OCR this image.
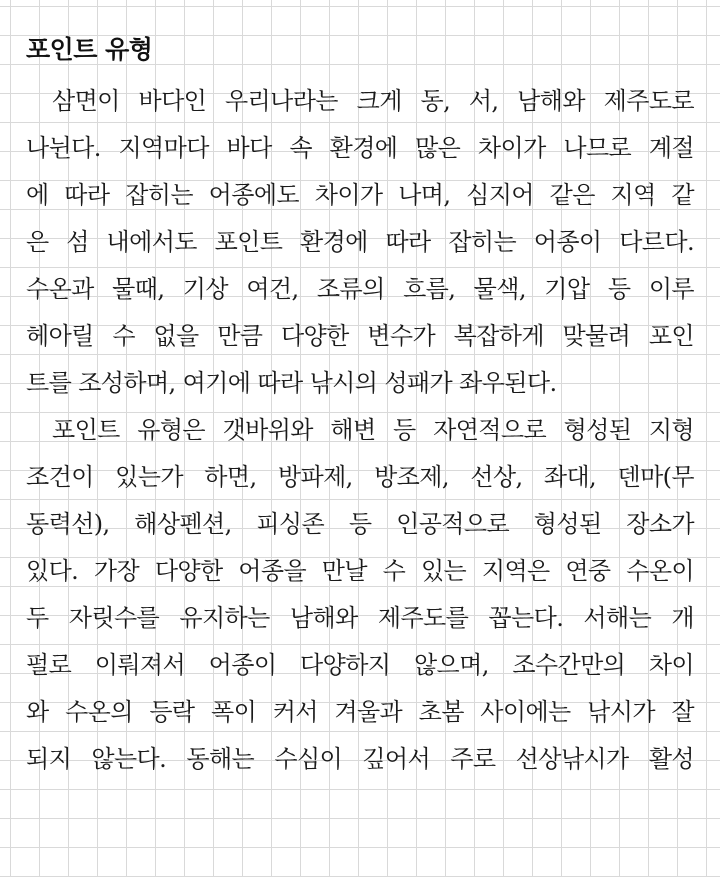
포인트 유형
삼면이 바다인 우리나라는 크게 동, 서, 남해와 제주도로
나뉜다. 지역마다 바다 속 환경에 많은 차이가 나므로 계절
에 따라 잡히는 어종에도 차이가 나며, 심지어 같은 지역 같
은 섬 내에서도 포인트 환경에 따라 잡히는 어종이 다르다.
수온과 물때, 기상 여건, 조류의 흐름, 물색, 기압 등 이루
헤아릴 수 없을 만큼 다양한 변수가 복잡하게 맞물려 포인
트를 조성하며, 여기에 따라 낚시의 성패가 좌우된다.
포인트 유형은 갯바위와 해변 등 자연적으로 형성된 지형
조건이 있는가 하면, 방파제, 방조제, 선상, 좌대, 덴마(무
동력선), 해상펜션, 피싱존 등 인공적으로 형성된 장소가
있다. 가장 다양한 어종을 만날 수 있는 지역은 연중 수온이
두 자릿수를 유지하는 남해와 제주도를 꼽는다. 서해는 개
펄로 이뤄져서 어종이 다양하지 않으며, 조수간만의 차이
와 수온의 등락 폭이 커서 겨울과 초봄 사이에는 낚시가 잘
되지 않는다. 동해는 수심이 깊어서 주로 선상낚시가 활성
